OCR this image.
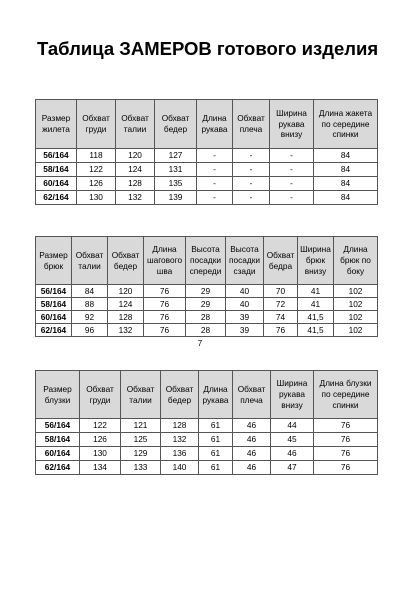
Таблица ЗАМЕРОВ готового изделия
Размер жилета	Обхват груди	Обхват талии	Обхват бедер	Длина рукава	Обхват плеча	Ширина рукава внизу	Длина жакета по середине спинки
56/164	118	120	127	-	-	-	84
58/164	122	124	131	-	-	-	84
60/164	126	128	135	-	-	-	84
62/164	130	132	139	-	-	-	84
Размер брюк	Обхват талии	Обхват бедер	Длина шагового шва	Высота посадки спереди	Высота посадки сзади	Обхват бедра	Ширина брюк внизу	Длина брюк по боку
56/164	84	120	76	29	40	70	41	102
58/164	88	124	76	29	40	72	41	102
60/164	92	128	76	28	39	74	41,5	102
62/164	96	132	76	28	39	76	41,5	102
7
Размер блузки	Обхват груди	Обхват талии	Обхват бедер	Длина рукава	Обхват плеча	Ширина рукава внизу	Длина блузки по середине спинки
56/164	122	121	128	61	46	44	76
58/164	126	125	132	61	46	45	76
60/164	130	129	136	61	46	46	76
62/164	134	133	140	61	46	47	76
